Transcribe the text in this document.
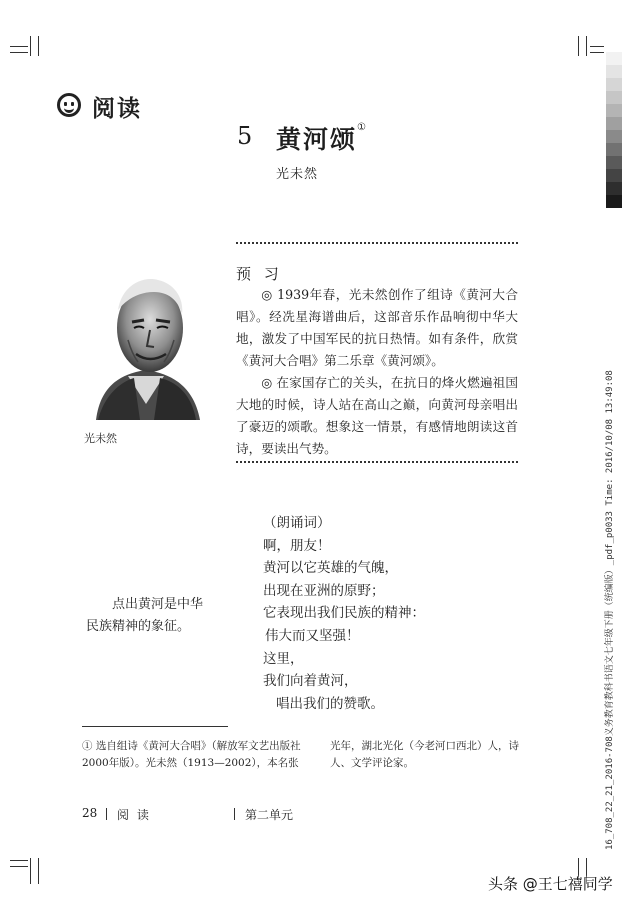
阅读
5 黄河颂①
光未然
光未然
预 习

◎ 1939年春，光未然创作了组诗《黄河大合唱》。经冼星海谱曲后，这部音乐作品响彻中华大地，激发了中国军民的抗日热情。如有条件，欣赏《黄河大合唱》第二乐章《黄河颂》。

◎ 在家国存亡的关头，在抗日的烽火燃遍祖国大地的时候，诗人站在高山之巅，向黄河母亲唱出了豪迈的颂歌。想象这一情景，有感情地朗读这首诗，要读出气势。

点出黄河是中华民族精神的象征。
（朗诵词）
啊，朋友！
黄河以它英雄的气魄，
出现在亚洲的原野；
它表现出我们民族的精神：
伟大而又坚强！
这里，
我们向着黄河，
唱出我们的赞歌。
① 选自组诗《黄河大合唱》（解放军文艺出版社2000年版）。光未然（1913—2002），本名张
光年，湖北光化（今老河口西北）人，诗人、文学评论家。
28 阅 读	第二单元	16_708_22_21_2016-708义务教育教科书语文七年级下册（统编版）_pdf_p0033 Time: 2016/10/08 13:49:08
头条 @王七禧同学
